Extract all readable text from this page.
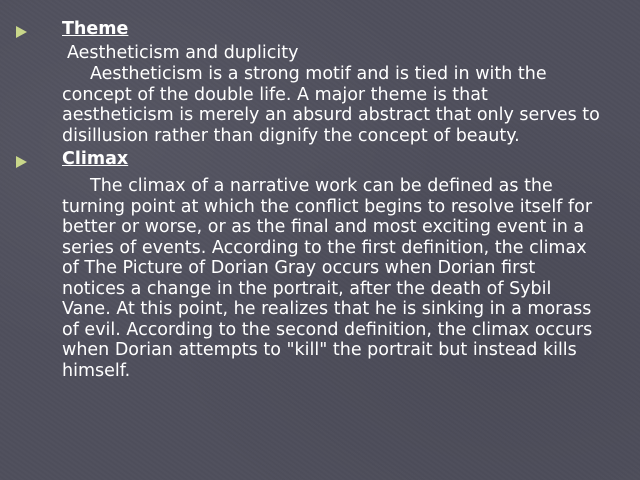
Theme
Aestheticism and duplicity
Aestheticism is a strong motif and is tied in with the concept of the double life. A major theme is that aestheticism is merely an absurd abstract that only serves to disillusion rather than dignify the concept of beauty.
Climax
The climax of a narrative work can be defined as the turning point at which the conflict begins to resolve itself for better or worse, or as the final and most exciting event in a series of events. According to the first definition, the climax of The Picture of Dorian Gray occurs when Dorian first notices a change in the portrait, after the death of Sybil Vane. At this point, he realizes that he is sinking in a morass of evil. According to the second definition, the climax occurs when Dorian attempts to "kill" the portrait but instead kills himself.
